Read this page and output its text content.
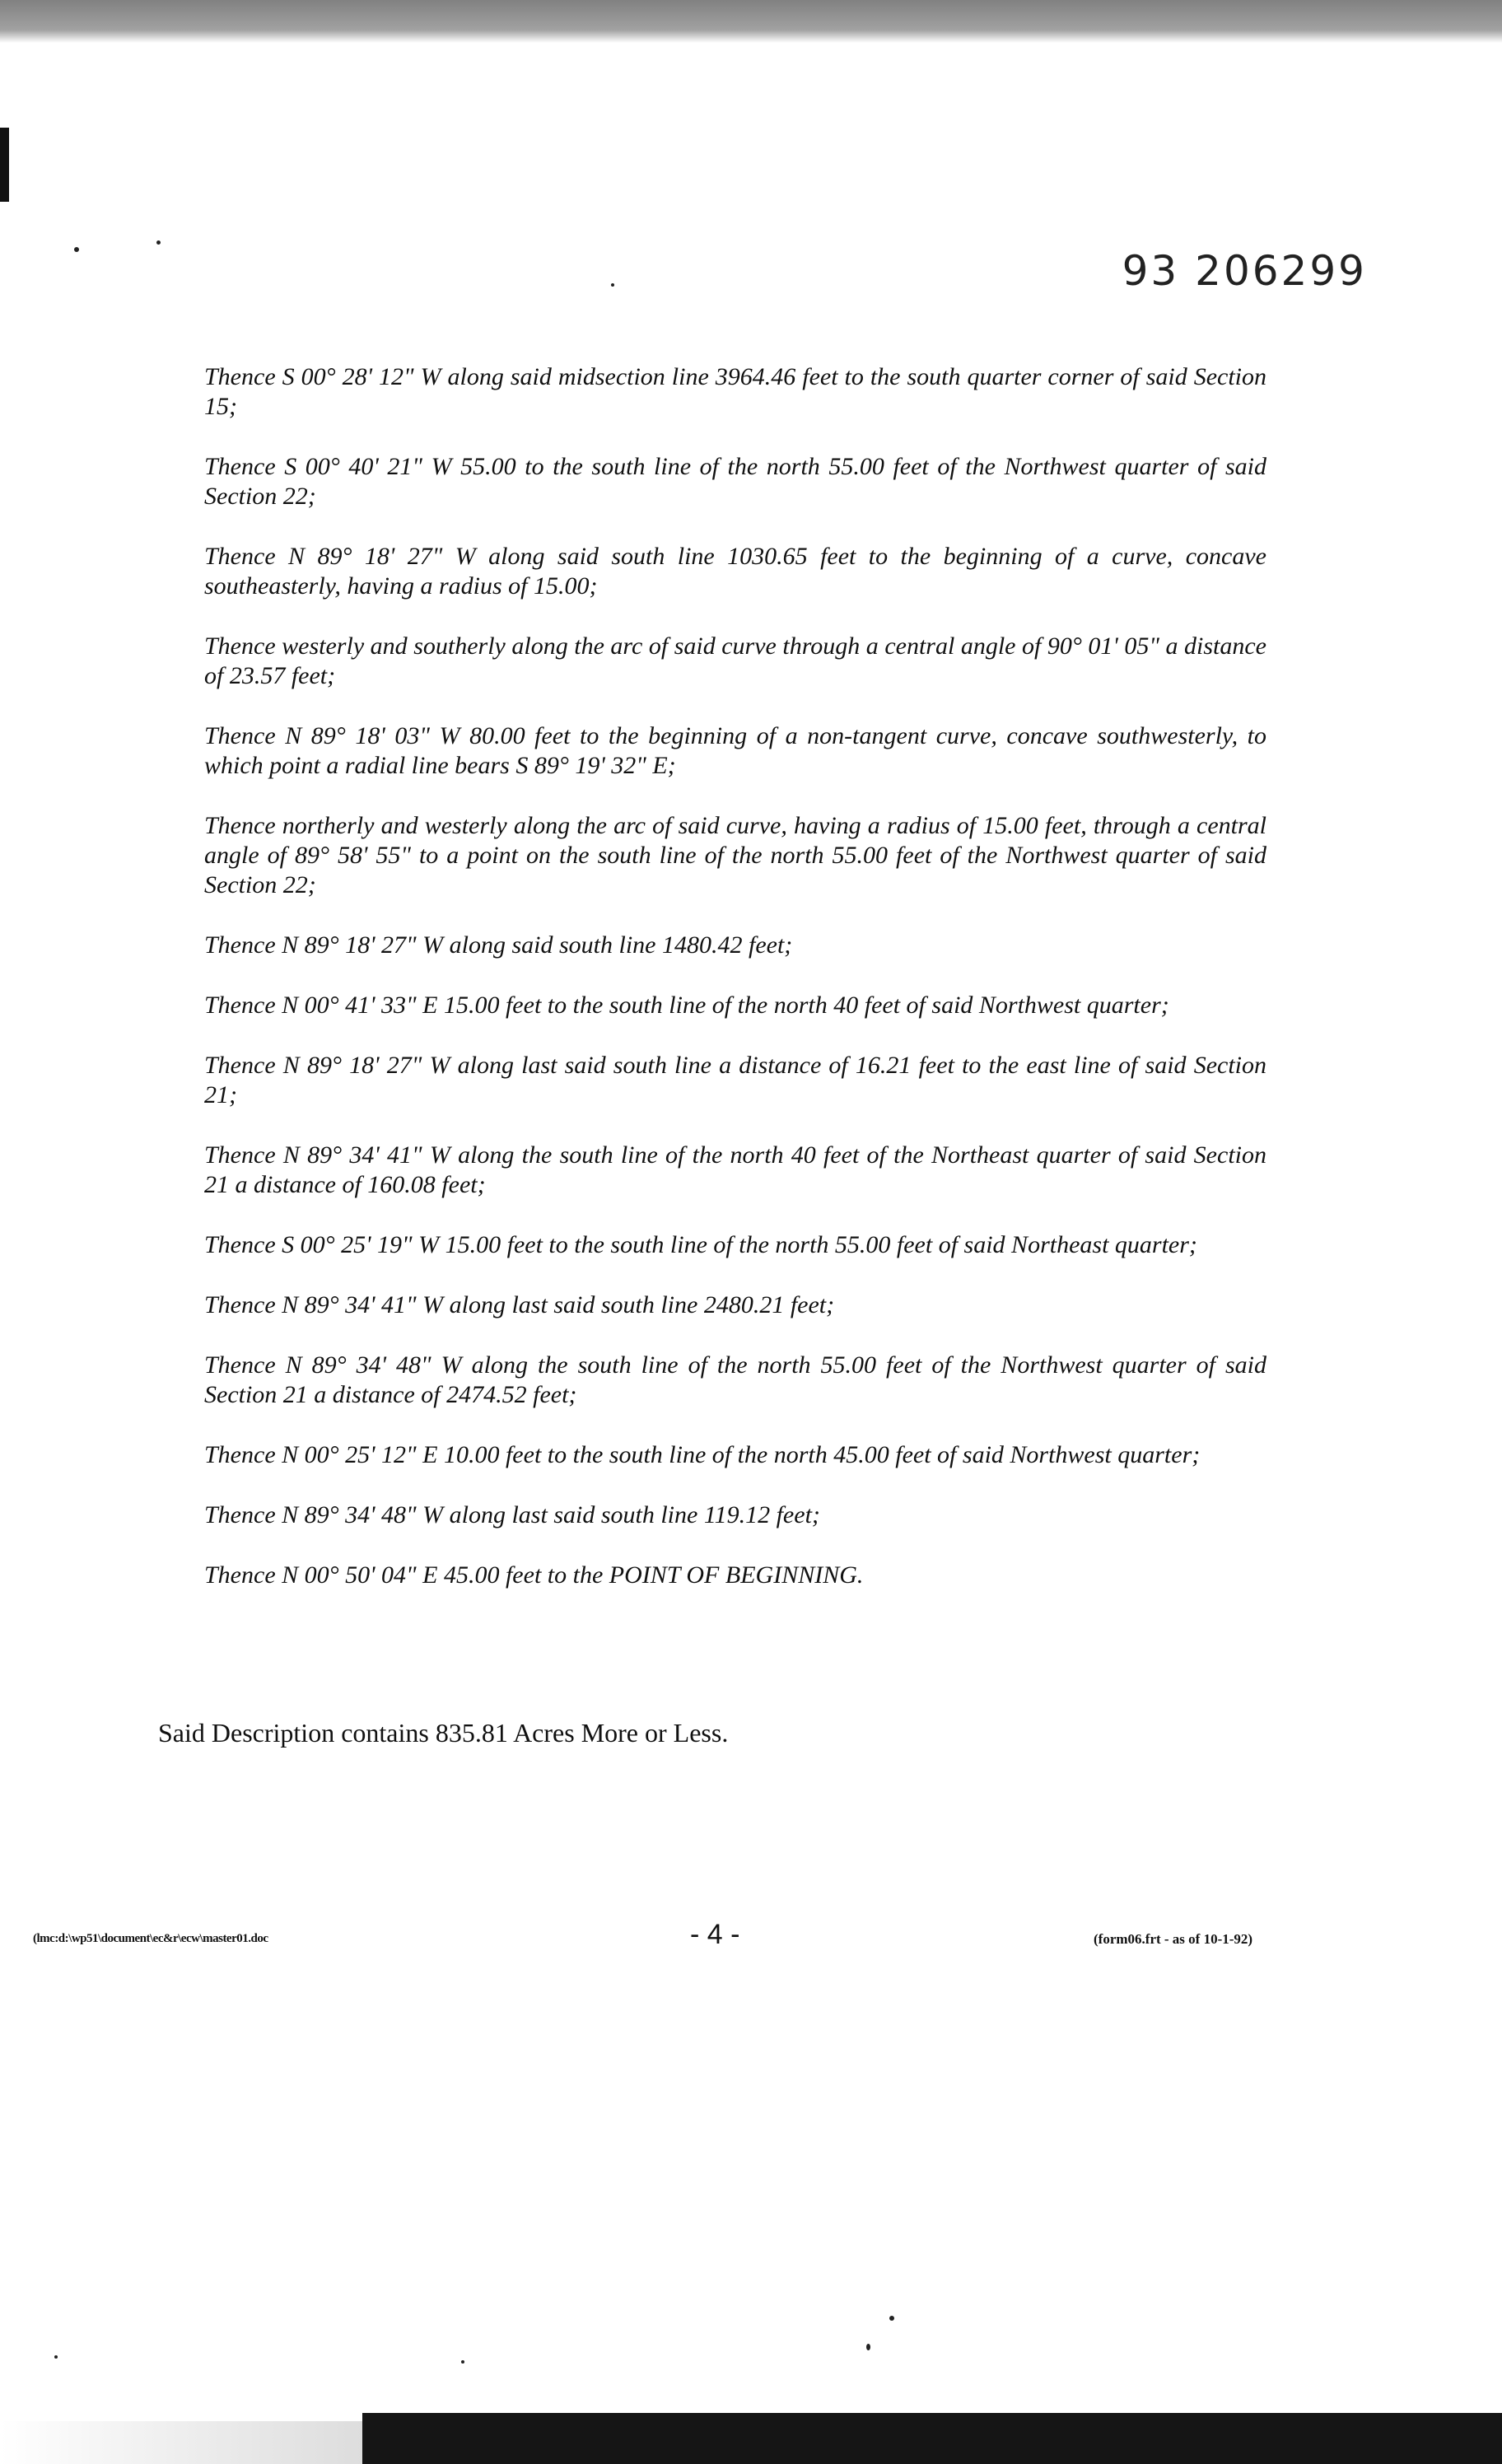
93 206299

Thence S 00° 28' 12" W along said midsection line 3964.46 feet to the south quarter corner of said Section 15;

Thence S 00° 40' 21" W 55.00 to the south line of the north 55.00 feet of the Northwest quarter of said Section 22;

Thence N 89° 18' 27" W along said south line 1030.65 feet to the beginning of a curve, concave southeasterly, having a radius of 15.00;

Thence westerly and southerly along the arc of said curve through a central angle of 90° 01' 05" a distance of 23.57 feet;

Thence N 89° 18' 03" W 80.00 feet to the beginning of a non-tangent curve, concave southwesterly, to which point a radial line bears S 89° 19' 32" E;

Thence northerly and westerly along the arc of said curve, having a radius of 15.00 feet, through a central angle of 89° 58' 55" to a point on the south line of the north 55.00 feet of the Northwest quarter of said Section 22;

Thence N 89° 18' 27" W along said south line 1480.42 feet;

Thence N 00° 41' 33" E 15.00 feet to the south line of the north 40 feet of said Northwest quarter;

Thence N 89° 18' 27" W along last said south line a distance of 16.21 feet to the east line of said Section 21;

Thence N 89° 34' 41" W along the south line of the north 40 feet of the Northeast quarter of said Section 21 a distance of 160.08 feet;

Thence S 00° 25' 19" W 15.00 feet to the south line of the north 55.00 feet of said Northeast quarter;

Thence N 89° 34' 41" W along last said south line 2480.21 feet;

Thence N 89° 34' 48" W along the south line of the north 55.00 feet of the Northwest quarter of said Section 21 a distance of 2474.52 feet;

Thence N 00° 25' 12" E 10.00 feet to the south line of the north 45.00 feet of said Northwest quarter;

Thence N 89° 34' 48" W along last said south line 119.12 feet;

Thence N 00° 50' 04" E 45.00 feet to the POINT OF BEGINNING.

Said Description contains 835.81 Acres More or Less.
(lmc:d:\wp51\document\ec&r\ecw\master01.doc	- 4 -	(form06.frt - as of 10-1-92)
